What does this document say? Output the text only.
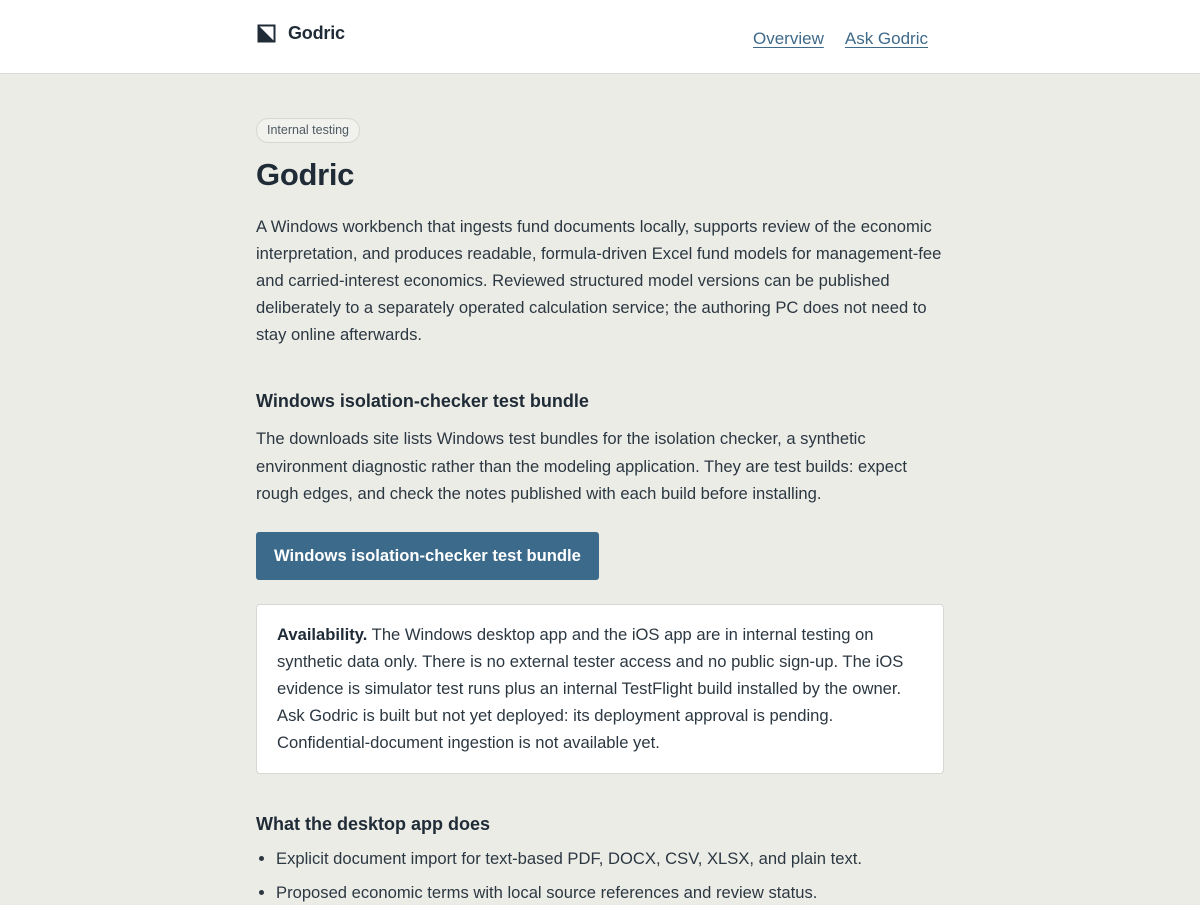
Godric	Overview Ask Godric
Internal testing
Godric

A Windows workbench that ingests fund documents locally, supports review of the economic interpretation, and produces readable, formula-driven Excel fund models for management-fee and carried-interest economics. Reviewed structured model versions can be published deliberately to a separately operated calculation service; the authoring PC does not need to stay online afterwards.

Windows isolation-checker test bundle

The downloads site lists Windows test bundles for the isolation checker, a synthetic environment diagnostic rather than the modeling application. They are test builds: expect rough edges, and check the notes published with each build before installing.

Windows isolation-checker test bundle
Availability. The Windows desktop app and the iOS app are in internal testing on synthetic data only. There is no external tester access and no public sign-up. The iOS evidence is simulator test runs plus an internal TestFlight build installed by the owner. Ask Godric is built but not yet deployed: its deployment approval is pending. Confidential-document ingestion is not available yet.
What the desktop app does
• Explicit document import for text-based PDF, DOCX, CSV, XLSX, and plain text.
• Proposed economic terms with local source references and review status.
